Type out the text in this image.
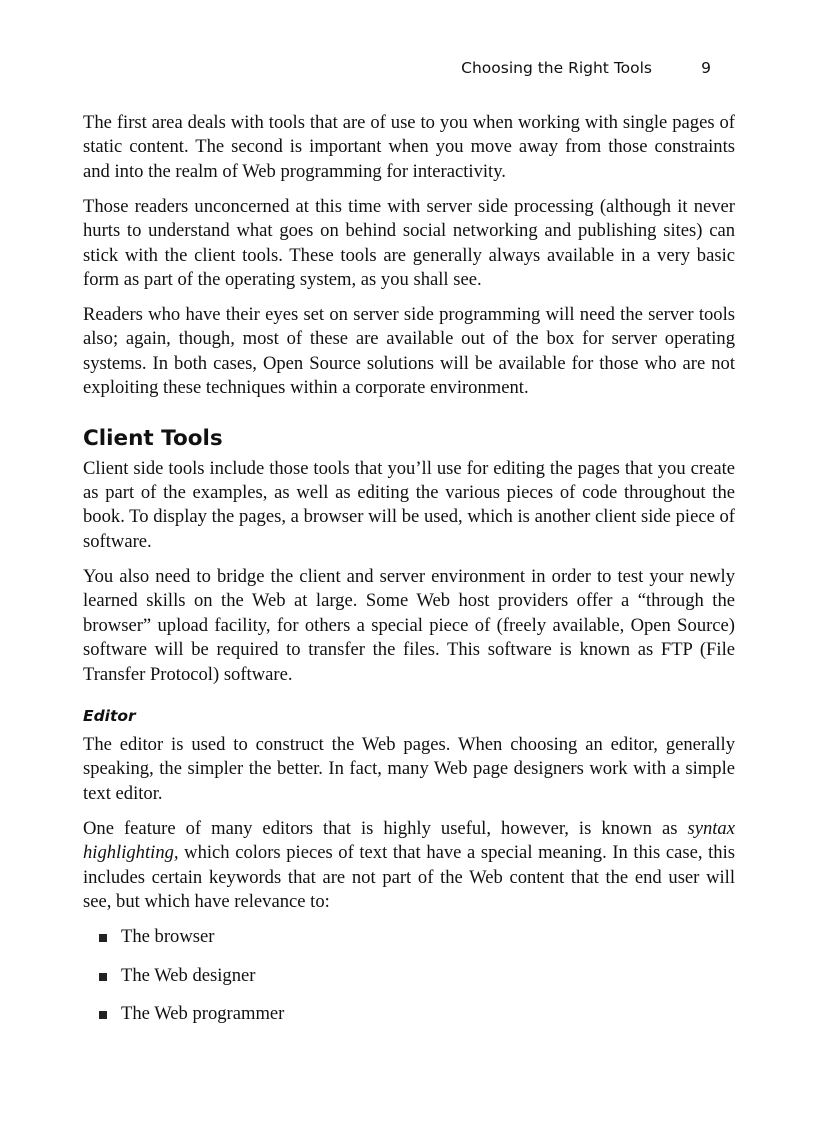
Choosing the Right Tools	9

The first area deals with tools that are of use to you when working with single pages of static content. The second is important when you move away from those constraints and into the realm of Web programming for interactivity.

Those readers unconcerned at this time with server side processing (although it never hurts to understand what goes on behind social networking and publishing sites) can stick with the client tools. These tools are generally always available in a very basic form as part of the operating system, as you shall see.

Readers who have their eyes set on server side programming will need the server tools also; again, though, most of these are available out of the box for server operating systems. In both cases, Open Source solutions will be available for those who are not exploiting these techniques within a corporate environment.

Client Tools

Client side tools include those tools that you’ll use for editing the pages that you create as part of the examples, as well as editing the various pieces of code throughout the book. To display the pages, a browser will be used, which is another client side piece of software.

You also need to bridge the client and server environment in order to test your newly learned skills on the Web at large. Some Web host providers offer a “through the browser” upload facility, for others a special piece of (freely available, Open Source) software will be required to transfer the files. This software is known as FTP (File Transfer Protocol) software.

Editor

The editor is used to construct the Web pages. When choosing an editor, generally speaking, the simpler the better. In fact, many Web page designers work with a simple text editor.

One feature of many editors that is highly useful, however, is known as syntax highlighting, which colors pieces of text that have a special meaning. In this case, this includes certain keywords that are not part of the Web content that the end user will see, but which have relevance to:

The browser
The Web designer
The Web programmer
